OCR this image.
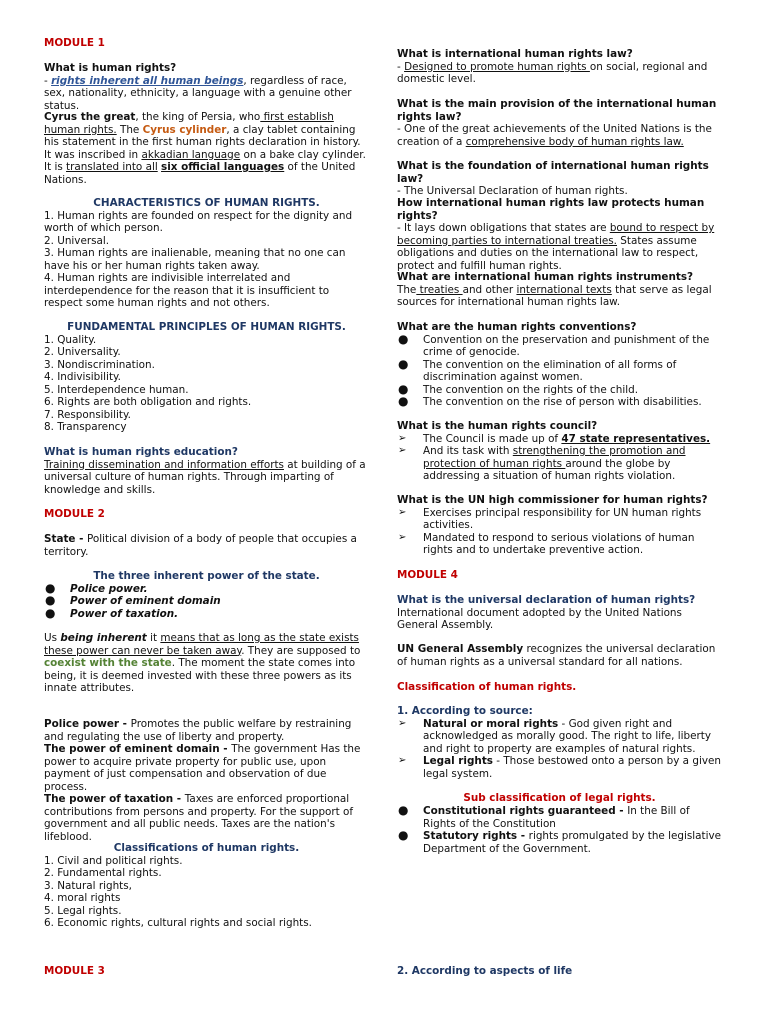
MODULE 1

What is human rights?

- rights inherent all human beings, regardless of race, sex, nationality, ethnicity, a language with a genuine other status.

Cyrus the great, the king of Persia, who first establish human rights. The Cyrus cylinder, a clay tablet containing his statement in the first human rights declaration in history.

It was inscribed in akkadian language on a bake clay cylinder.

It is translated into all six official languages of the United Nations.

CHARACTERISTICS OF HUMAN RIGHTS.

1. Human rights are founded on respect for the dignity and worth of which person.

2. Universal.

3. Human rights are inalienable, meaning that no one can have his or her human rights taken away.

4. Human rights are indivisible interrelated and interdependence for the reason that it is insufficient to respect some human rights and not others.

FUNDAMENTAL PRINCIPLES OF HUMAN RIGHTS.

1. Quality.

2. Universality.

3. Nondiscrimination.

4. Indivisibility.

5. Interdependence human.

6. Rights are both obligation and rights.

7. Responsibility.

8. Transparency

What is human rights education?

Training dissemination and information efforts at building of a universal culture of human rights. Through imparting of knowledge and skills.

MODULE 2

State - Political division of a body of people that occupies a territory.

The three inherent power of the state.

● Police power.
● Power of eminent domain
● Power of taxation.

Us being inherent it means that as long as the state exists these power can never be taken away. They are supposed to coexist with the state. The moment the state comes into being, it is deemed invested with these three powers as its innate attributes.

Police power - Promotes the public welfare by restraining and regulating the use of liberty and property.

The power of eminent domain - The government Has the power to acquire private property for public use, upon payment of just compensation and observation of due process.

The power of taxation - Taxes are enforced proportional contributions from persons and property. For the support of government and all public needs. Taxes are the nation's lifeblood.

Classifications of human rights.

1. Civil and political rights.

2. Fundamental rights.

3. Natural rights,

4. moral rights

5. Legal rights.

6. Economic rights, cultural rights and social rights.

MODULE 3

What is international human rights law?

- Designed to promote human rights on social, regional and domestic level.

What is the main provision of the international human rights law?

- One of the great achievements of the United Nations is the creation of a comprehensive body of human rights law.

What is the foundation of international human rights law?

- The Universal Declaration of human rights.

How international human rights law protects human rights?

- It lays down obligations that states are bound to respect by becoming parties to international treaties. States assume obligations and duties on the international law to respect, protect and fulfill human rights.

What are international human rights instruments?

The treaties and other international texts that serve as legal sources for international human rights law.

What are the human rights conventions?

● Convention on the preservation and punishment of the crime of genocide.
● The convention on the elimination of all forms of discrimination against women.
● The convention on the rights of the child.
● The convention on the rise of person with disabilities.

What is the human rights council?

➢ The Council is made up of 47 state representatives.
➢ And its task with strengthening the promotion and protection of human rights around the globe by addressing a situation of human rights violation.

What is the UN high commissioner for human rights?

➢ Exercises principal responsibility for UN human rights activities.
➢ Mandated to respond to serious violations of human rights and to undertake preventive action.

MODULE 4

What is the universal declaration of human rights?

International document adopted by the United Nations General Assembly.

UN General Assembly recognizes the universal declaration of human rights as a universal standard for all nations.

Classification of human rights.

1. According to source:

➢ Natural or moral rights - God given right and acknowledged as morally good. The right to life, liberty and right to property are examples of natural rights.
➢ Legal rights - Those bestowed onto a person by a given legal system.

Sub classification of legal rights.

● Constitutional rights guaranteed - In the Bill of Rights of the Constitution
● Statutory rights - rights promulgated by the legislative Department of the Government.

2. According to aspects of life
